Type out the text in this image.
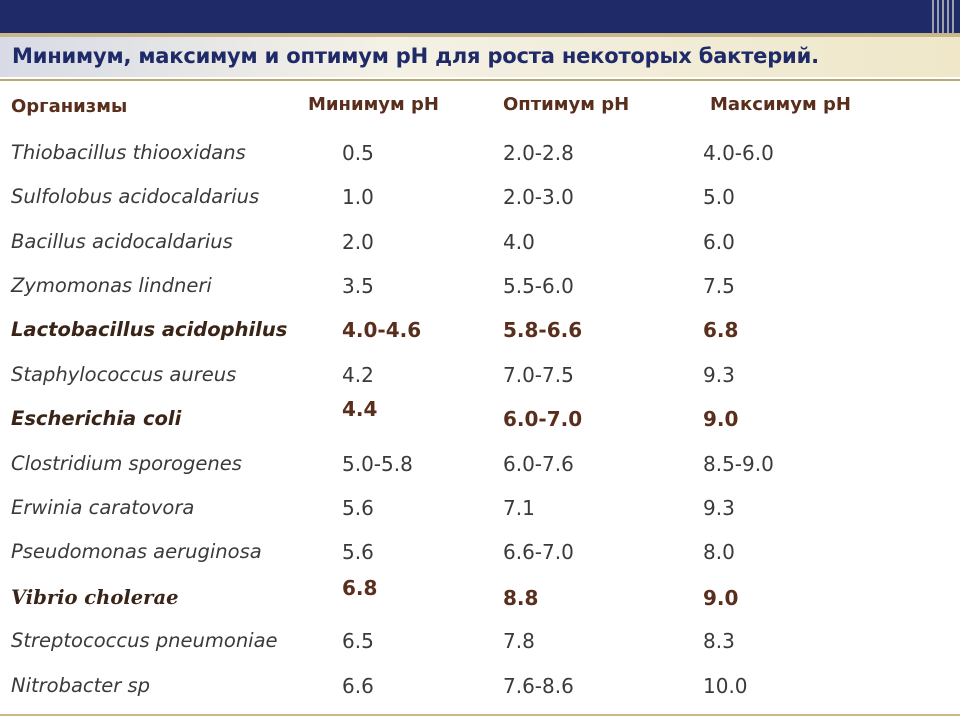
Минимум, максимум и оптимум pH для роста некоторых бактерий.
Организмы	Минимум pH	Оптимум pH	Максимум pH
Thiobacillus thiooxidans	0.5	2.0-2.8	4.0-6.0
Sulfolobus acidocaldarius	1.0	2.0-3.0	5.0
Bacillus acidocaldarius	2.0	4.0	6.0
Zymomonas lindneri	3.5	5.5-6.0	7.5
Lactobacillus acidophilus	4.0-4.6	5.8-6.6	6.8
Staphylococcus aureus	4.2	7.0-7.5	9.3
Escherichia coli	4.4	6.0-7.0	9.0
Clostridium sporogenes	5.0-5.8	6.0-7.6	8.5-9.0
Erwinia caratovora	5.6	7.1	9.3
Pseudomonas aeruginosa	5.6	6.6-7.0	8.0
Vibrio cholerae	6.8	8.8	9.0
Streptococcus pneumoniae	6.5	7.8	8.3
Nitrobacter sp	6.6	7.6-8.6	10.0
